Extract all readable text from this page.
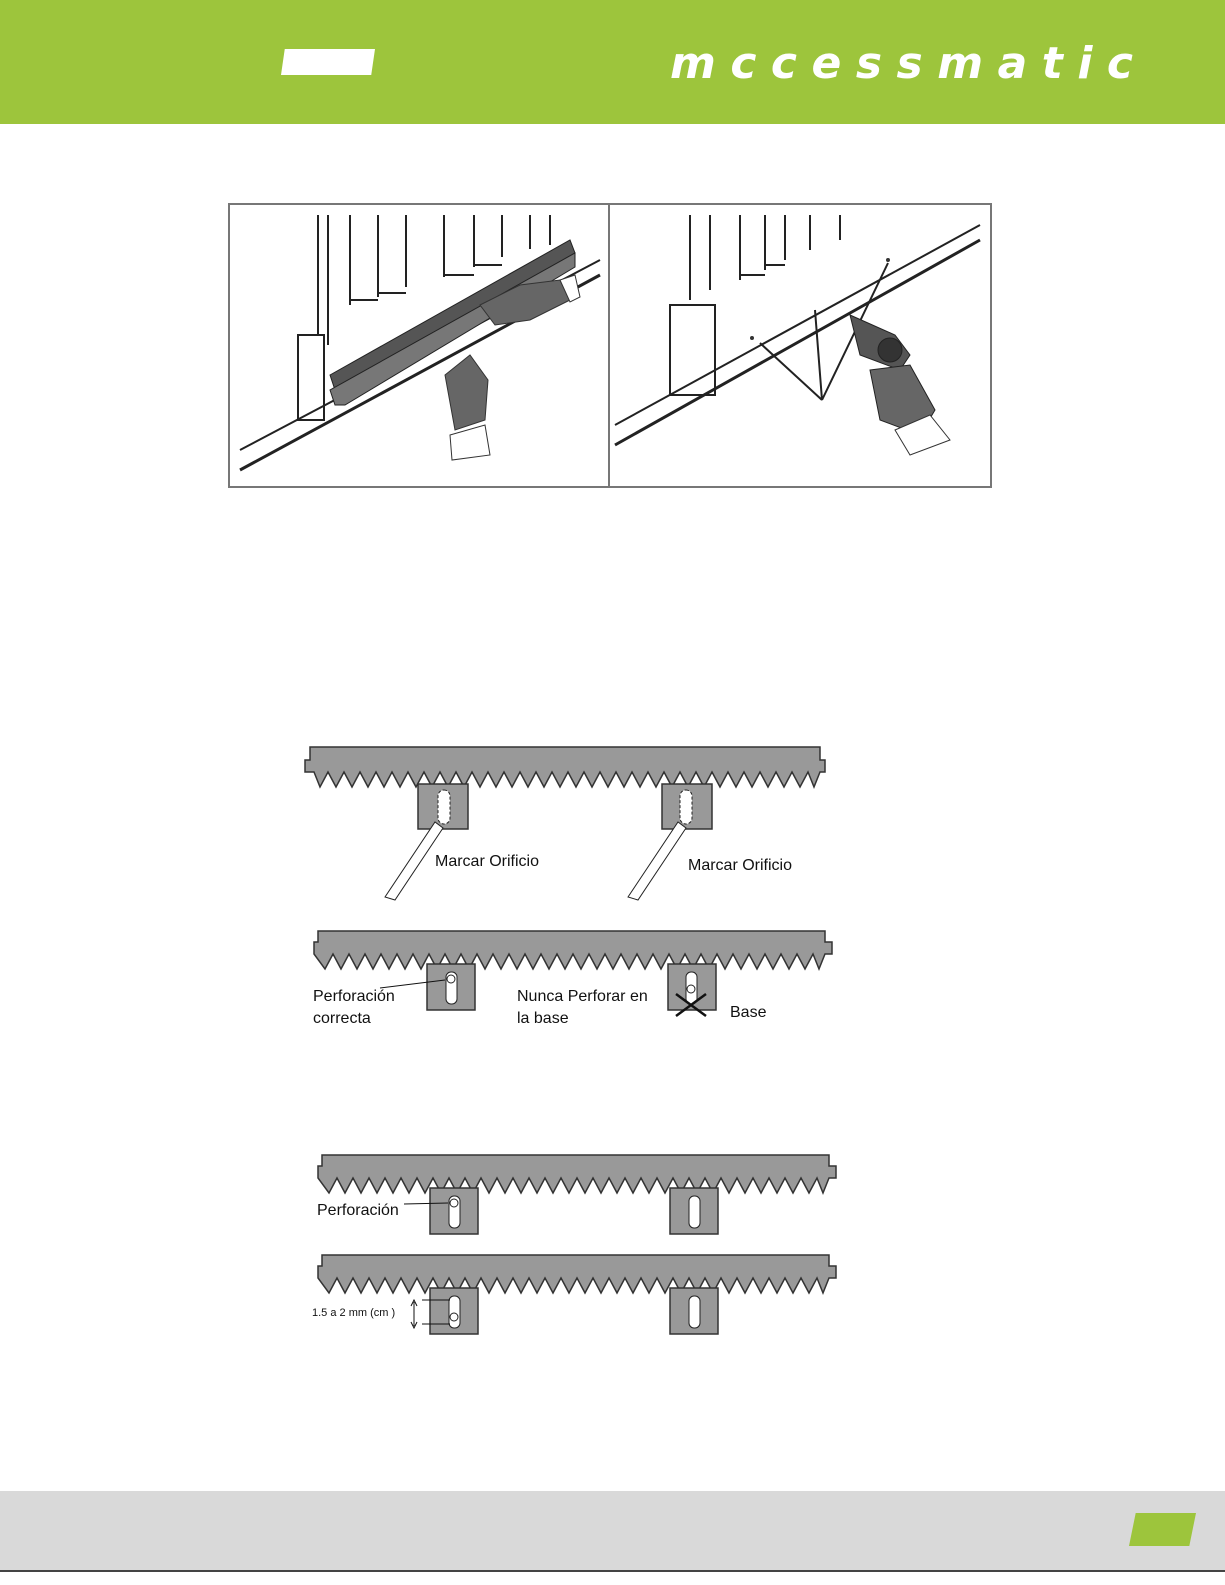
mccessmatic
Marcar Orificio	Marcar Orificio
Perforación
correcta
Nunca Perforar en
la base	Base
Perforación
1.5 a 2 mm (cm )
